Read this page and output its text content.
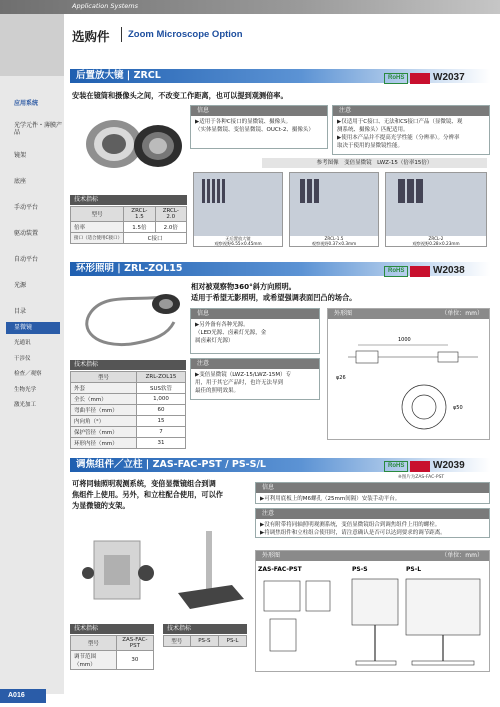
Application Systems
选购件 Zoom Microscope Option
应用系统
光学元件・薄膜产品
镜架
底座
手动平台
驱动装置
自动平台
光源
目录
显微镜
光通讯
干涉仪
检查／观察
生物光学
激光加工
A016
后置放大镜 | ZRCL	RoHS	W2037
安装在镜筒和摄像头之间，不改变工作距离，也可以提到观测倍率。
信息
▶适用于各种C接口的显微镜、摄像头。
（实体显微镜、变倍显微镜、OUCt-2、摄像头）
注意
▶仅适用于C接口、无法和CS接口产品（显微镜、观
测系统、摄像头）匹配适用。
▶使用本产品并不提高光学性能（分辨率）。分辨率
取决于使用的显微镜性能。
参考图像　变倍显微镜　LWZ-15（倍率15倍）
无后置放大镜
观察视野6.55×0.45mm
ZRCL-1.5
观察视野0.37×0.3mm
ZRCL-2
观察视野0.28×0.23mm
技术指标
型号	ZRCL-1.5	ZRCL-2.0
倍率	1.5倍	2.0倍
接口（适合使用C接口）	C接口	
环形照明 | ZRL-ZOL15	RoHS	W2038
相对被观察物360°斜方向照明。
适用于希望无影照明，或希望强调表面凹凸的场合。
信息
▶另外备有各种光源。
（LED光源、卤素灯光源，金
属卤素灯光源）
注意
▶变倍显微镜（LWZ-15/LWZ-15M）专
用，用于其它产品时，也许无法导到
最佳的照明效果。
外形图	（单位：mm）
1000
φ26
φ50
技术指标
型号	ZRL-ZOL15
外套	SUS软管
全长（mm）	1,000
弯曲半径（mm）	60
内向角（°）	15
保护管径（mm）	7
环形内径（mm）	31
调焦组件／立柱 | ZAS-FAC-PST / PS-S/L	RoHS	W2039
※图片为ZAS-FAC-PST
可将同轴照明观测系统，变倍显微镜组合到调
焦组件上使用。另外，和立柱配合使用，可以作
为显微镜的支架。
信息
▶可利用底板上的M6螺孔（25mm间隔）安装手动平台。
注意
▶没有附带将同轴照明观测系统，变倍显微镜组合到调焦组件上用的螺栓。
▶将调焦组件和立柱组合使用时，请注意确认是否可以达到要求的调节距离。
外形图	（单位：mm）
ZAS-FAC-PST	PS-S	PS-L
技术指标
型号	ZAS-FAC-PST
调节范围（mm）	30
技术指标
型号	PS-S	PS-L
